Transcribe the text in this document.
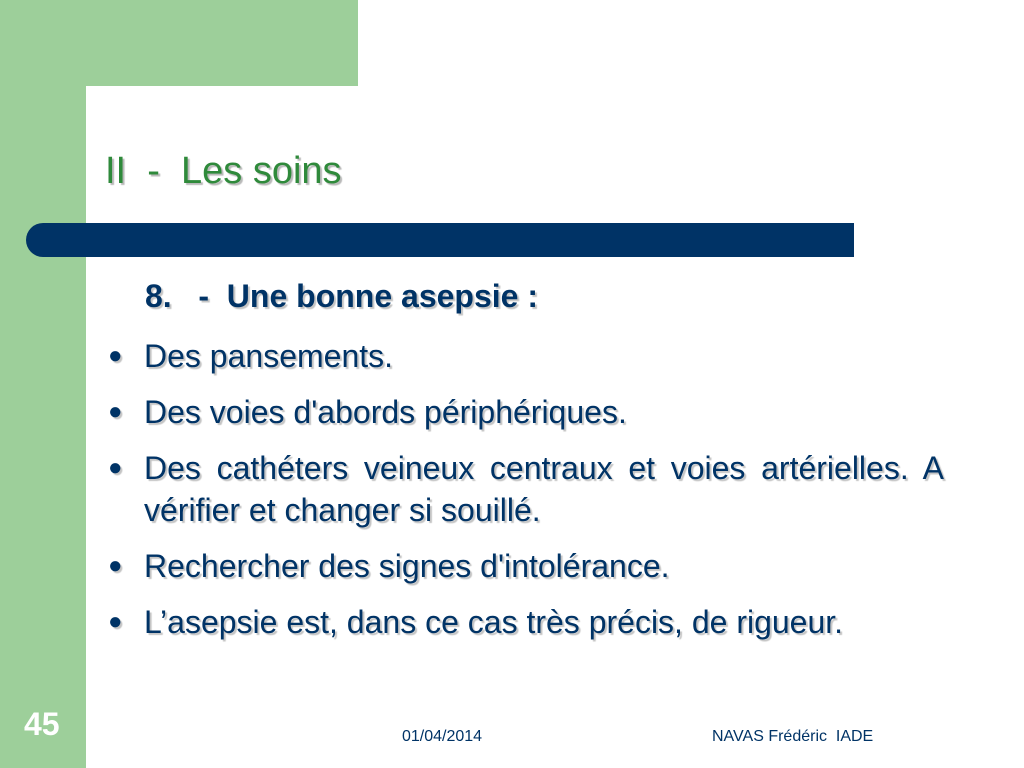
II  -  Les soins
8.   -  Une bonne asepsie :
● Des pansements.
● Des voies d'abords périphériques.
● Des cathéters veineux centraux et voies artérielles. A vérifier et changer si souillé.
● Rechercher des signes d'intolérance.
● L’asepsie est, dans ce cas très précis, de rigueur.
45	01/04/2014	NAVAS Frédéric  IADE
